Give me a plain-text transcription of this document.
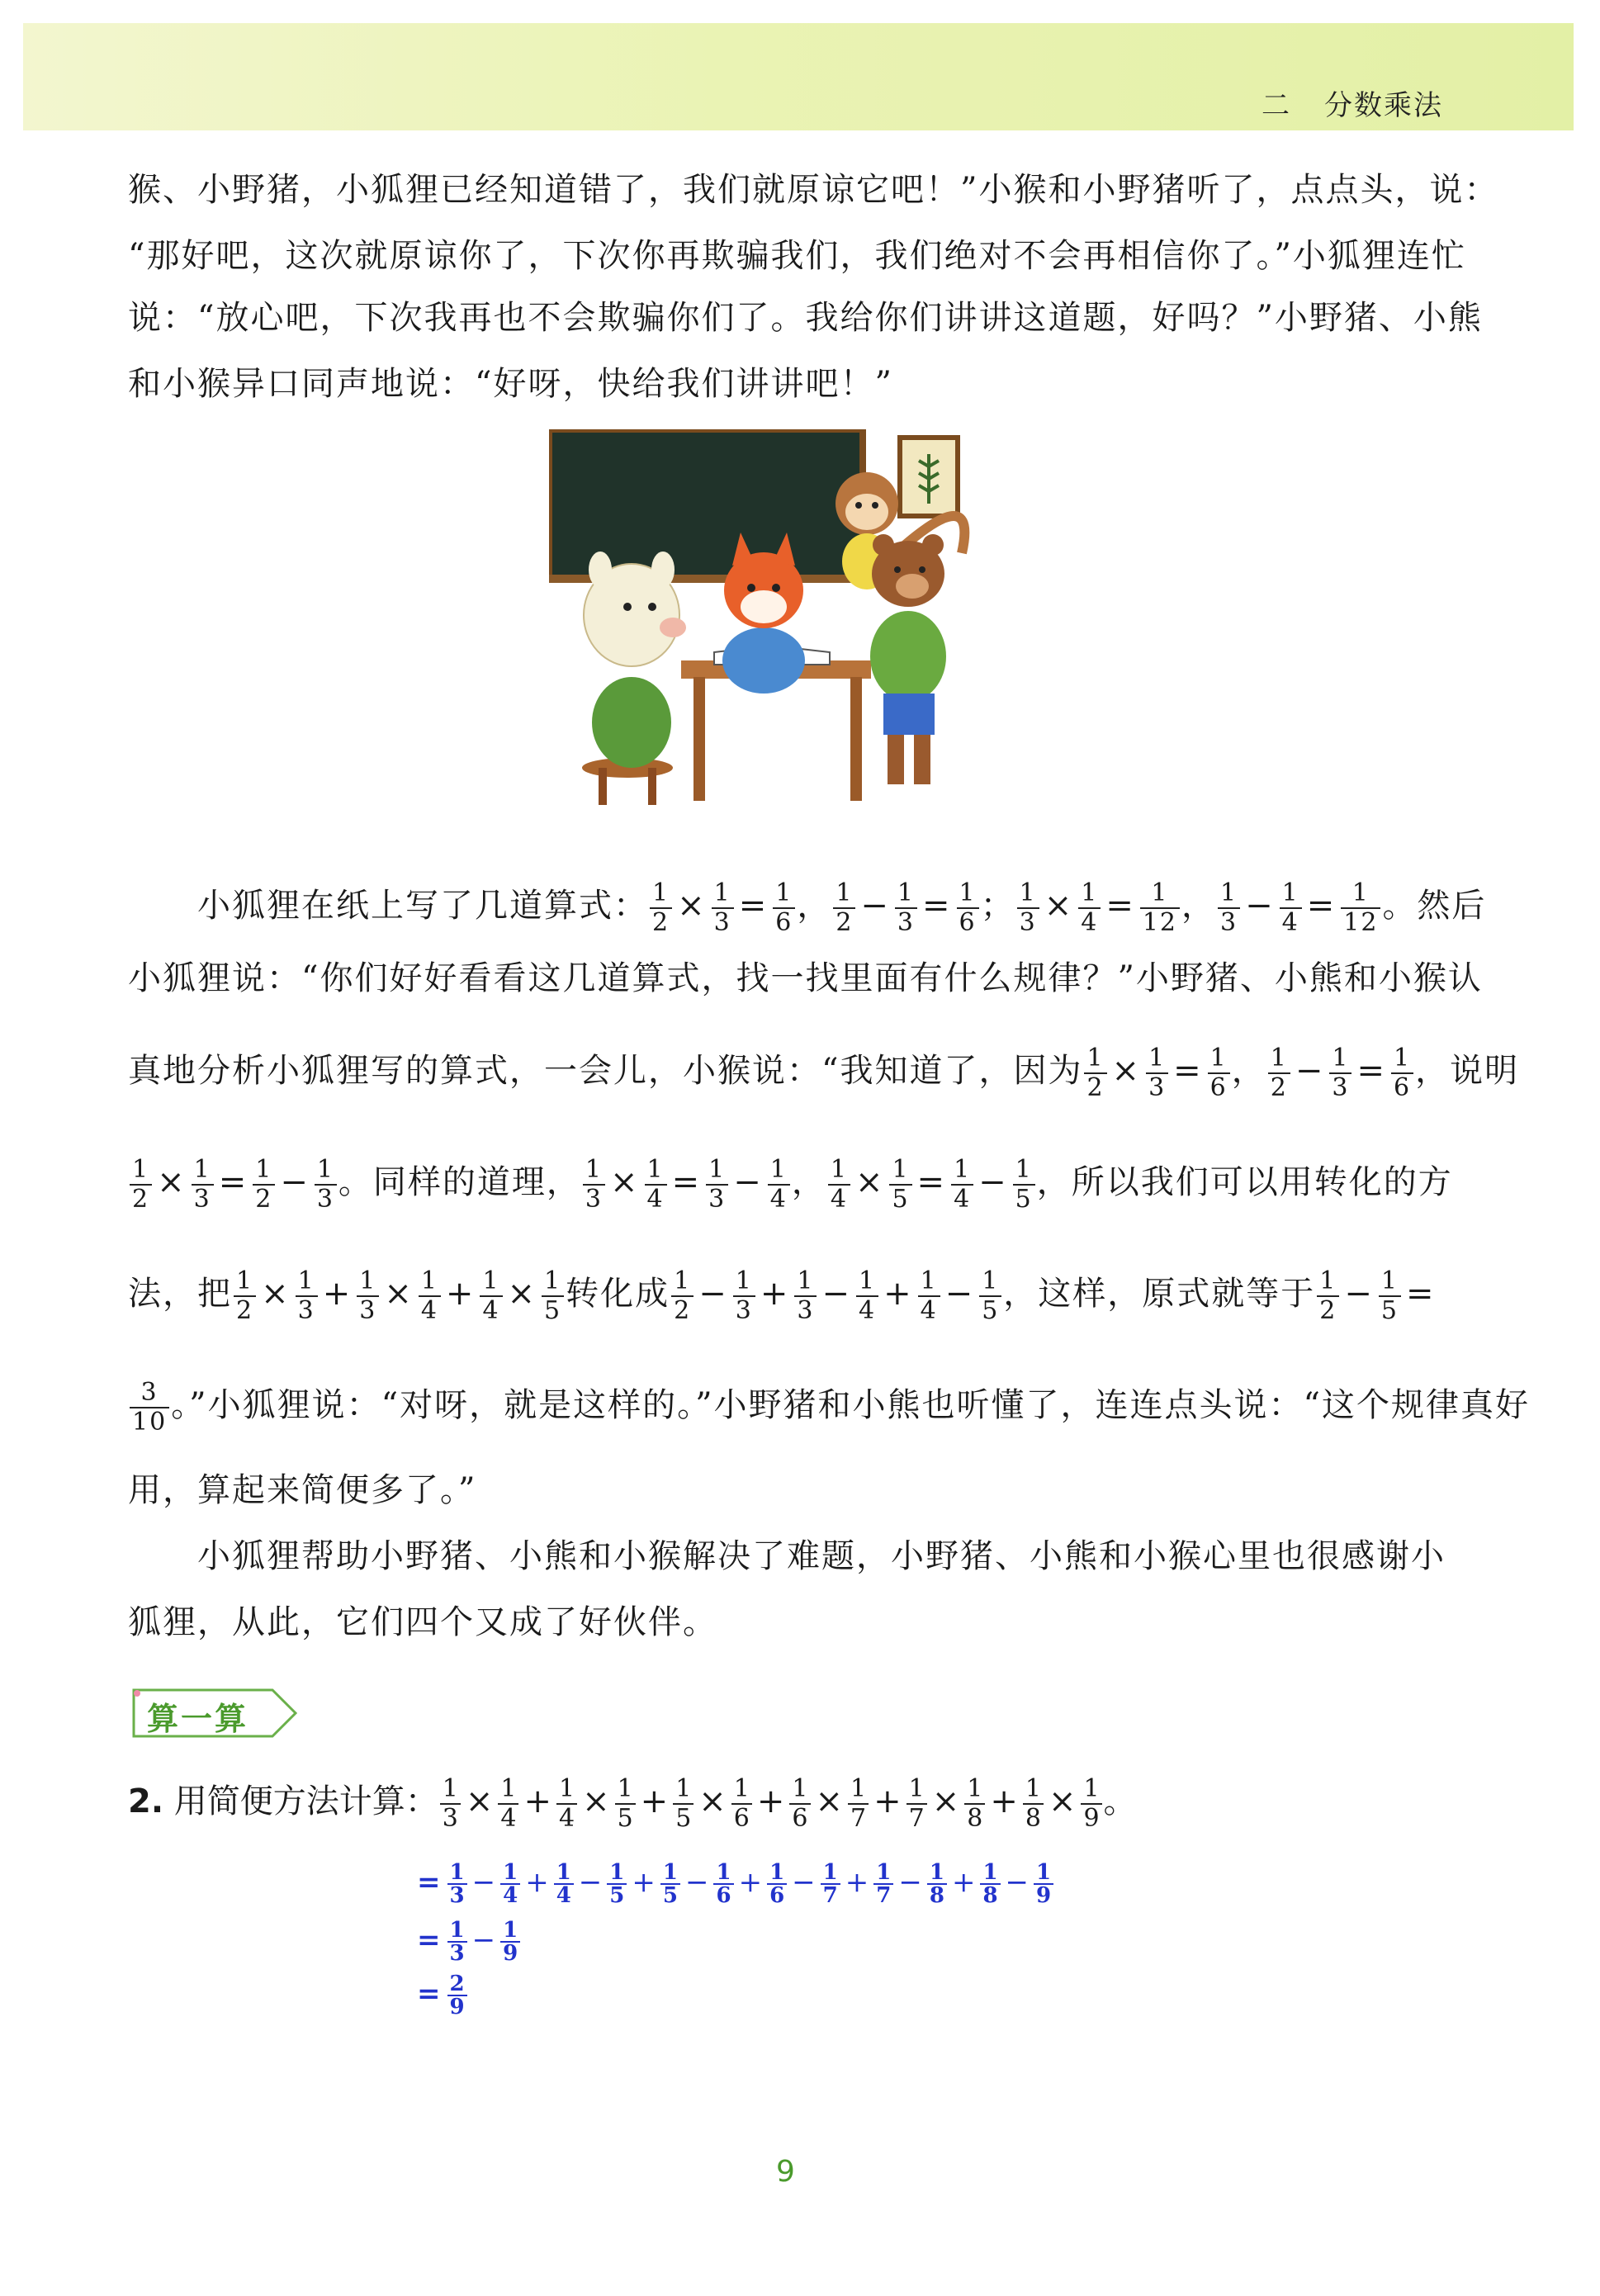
二 分数乘法
猴、小野猪，小狐狸已经知道错了，我们就原谅它吧！”小猴和小野猪听了，点点头，说：
“那好吧，这次就原谅你了，下次你再欺骗我们，我们绝对不会再相信你了。”小狐狸连忙
说：“放心吧，下次我再也不会欺骗你们了。我给你们讲讲这道题，好吗？”小野猪、小熊
和小猴异口同声地说：“好呀，快给我们讲讲吧！”
小狐狸在纸上写了几道算式： $\frac{1}{2} \times \frac{1}{3} = \frac{1}{6}$ ， $\frac{1}{2} - \frac{1}{3} = \frac{1}{6}$ ； $\frac{1}{3} \times \frac{1}{4} = \frac{1}{12}$ ， $\frac{1}{3} - \frac{1}{4} = \frac{1}{12}$ 。然后
小狐狸说：“你们好好看看这几道算式，找一找里面有什么规律？”小野猪、小熊和小猴认
真地分析小狐狸写的算式，一会儿，小猴说：“我知道了，因为 $\frac{1}{2} \times \frac{1}{3} = \frac{1}{6}$ ， $\frac{1}{2} - \frac{1}{3} = \frac{1}{6}$ ，说明
$\frac{1}{2} \times \frac{1}{3} = \frac{1}{2} - \frac{1}{3}$ 。同样的道理， $\frac{1}{3} \times \frac{1}{4} = \frac{1}{3} - \frac{1}{4}$ ， $\frac{1}{4} \times \frac{1}{5} = \frac{1}{4} - \frac{1}{5}$ ，所以我们可以用转化的方
法，把 $\frac{1}{2} \times \frac{1}{3} + \frac{1}{3} \times \frac{1}{4} + \frac{1}{4} \times \frac{1}{5}$ 转化成 $\frac{1}{2} - \frac{1}{3} + \frac{1}{3} - \frac{1}{4} + \frac{1}{4} - \frac{1}{5}$ ，这样，原式就等于 $\frac{1}{2} - \frac{1}{5}$ =
$\frac{3}{10}$ 。”小狐狸说：“对呀，就是这样的。”小野猪和小熊也听懂了，连连点头说：“这个规律真好
用，算起来简便多了。”
小狐狸帮助小野猪、小熊和小猴解决了难题，小野猪、小熊和小猴心里也很感谢小
狐狸，从此，它们四个又成了好伙伴。
算一算
2. 用简便方法计算： $\frac{1}{3} \times \frac{1}{4} + \frac{1}{4} \times \frac{1}{5} + \frac{1}{5} \times \frac{1}{6} + \frac{1}{6} \times \frac{1}{7} + \frac{1}{7} \times \frac{1}{8} + \frac{1}{8} \times \frac{1}{9}$ 。
= $\frac{1}{3} - \frac{1}{4} + \frac{1}{4} - \frac{1}{5} + \frac{1}{5} - \frac{1}{6} + \frac{1}{6} - \frac{1}{7} + \frac{1}{7} - \frac{1}{8} + \frac{1}{8} - \frac{1}{9}$
= $\frac{1}{3} - \frac{1}{9}$
= $\frac{2}{9}$
9
